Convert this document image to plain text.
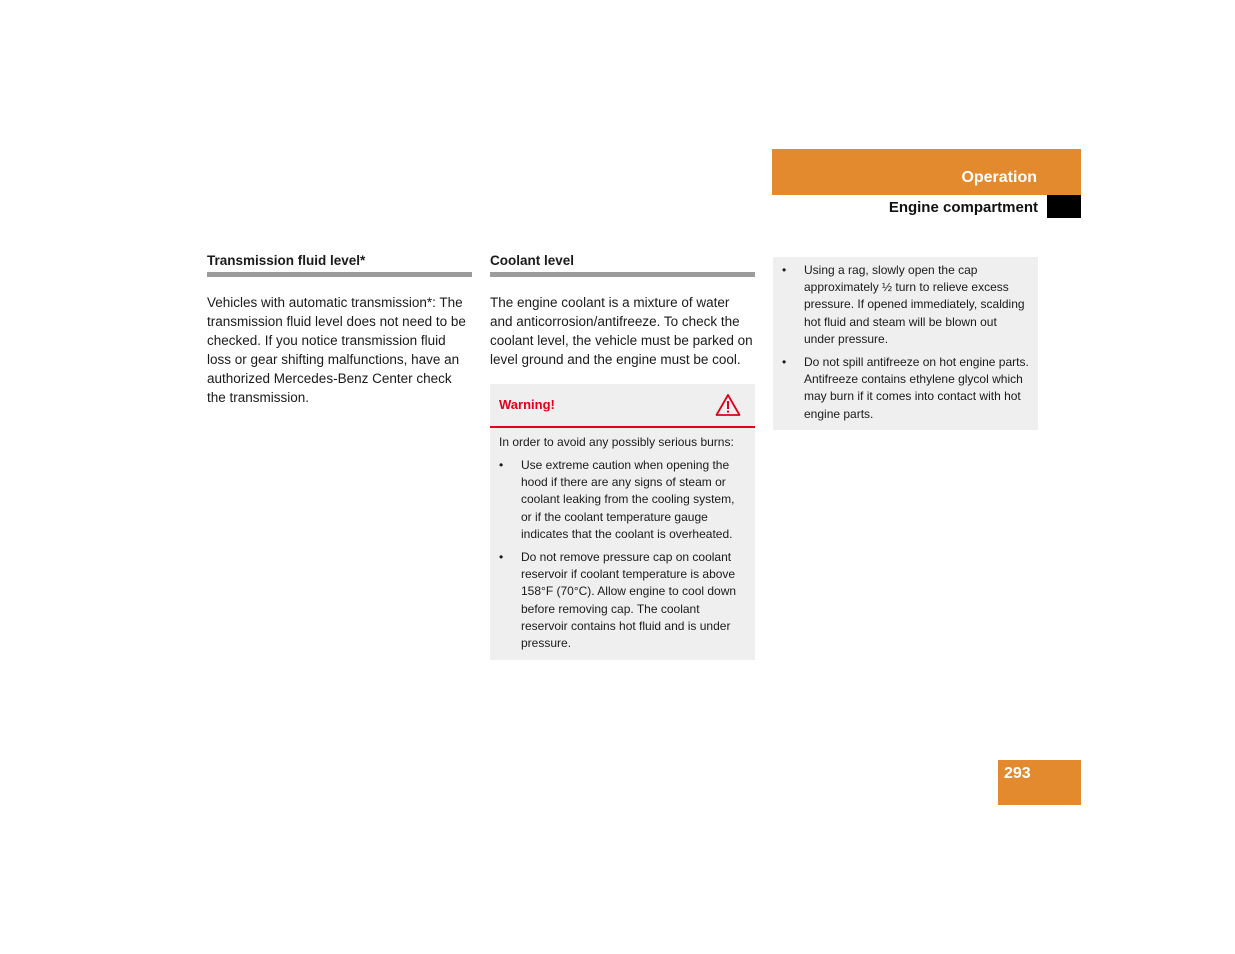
Operation
Engine compartment
Transmission fluid level*
Vehicles with automatic transmission*: The transmission fluid level does not need to be checked. If you notice transmission fluid loss or gear shifting malfunctions, have an authorized Mercedes-Benz Center check the transmission.
Coolant level
The engine coolant is a mixture of water and anticorrosion/antifreeze. To check the coolant level, the vehicle must be parked on level ground and the engine must be cool.
Warning!
In order to avoid any possibly serious burns:
• Use extreme caution when opening the hood if there are any signs of steam or coolant leaking from the cooling system, or if the coolant temperature gauge indicates that the coolant is overheated.
• Do not remove pressure cap on coolant reservoir if coolant temperature is above 158°F (70°C). Allow engine to cool down before removing cap. The coolant reservoir contains hot fluid and is under pressure.
• Using a rag, slowly open the cap approximately ½ turn to relieve excess pressure. If opened immediately, scalding hot fluid and steam will be blown out under pressure.
• Do not spill antifreeze on hot engine parts. Antifreeze contains ethylene glycol which may burn if it comes into contact with hot engine parts.
293
